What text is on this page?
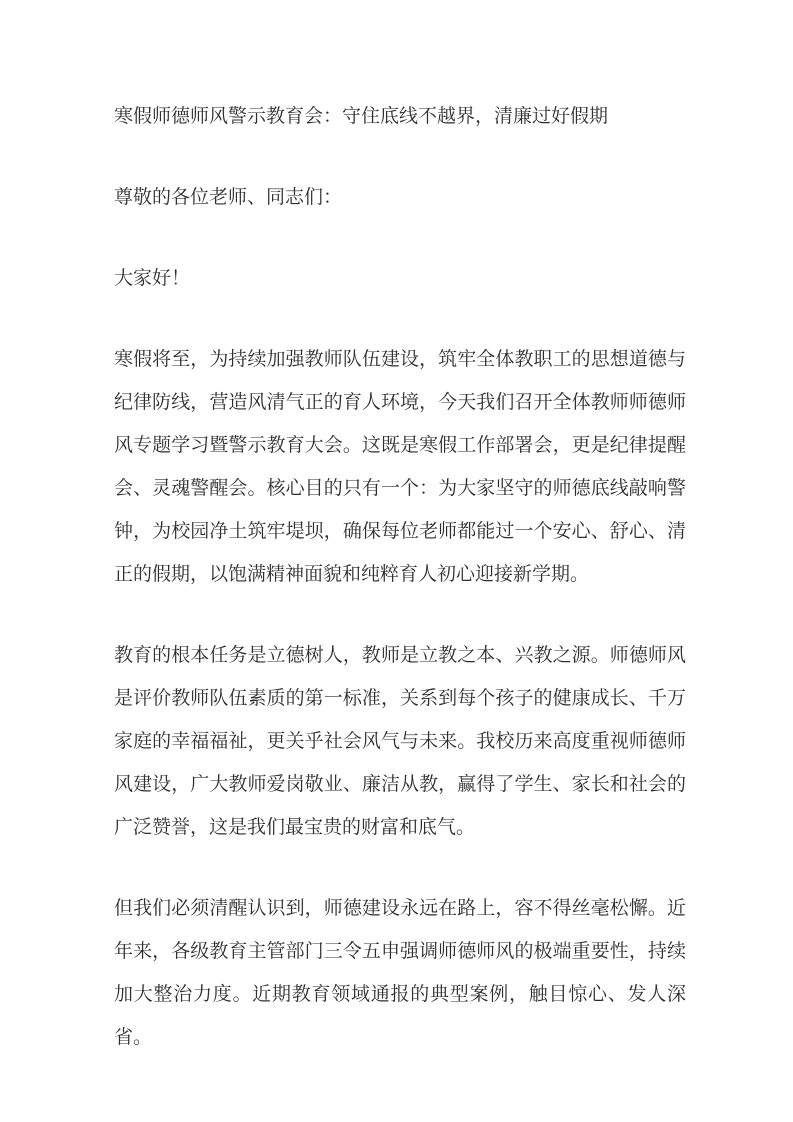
寒假师德师风警示教育会：守住底线不越界，清廉过好假期
尊敬的各位老师、同志们：
大家好！
寒假将至，为持续加强教师队伍建设，筑牢全体教职工的思想道德与
纪律防线，营造风清气正的育人环境，今天我们召开全体教师师德师
风专题学习暨警示教育大会。这既是寒假工作部署会，更是纪律提醒
会、灵魂警醒会。核心目的只有一个：为大家坚守的师德底线敲响警
钟，为校园净土筑牢堤坝，确保每位老师都能过一个安心、舒心、清
正的假期，以饱满精神面貌和纯粹育人初心迎接新学期。
教育的根本任务是立德树人，教师是立教之本、兴教之源。师德师风
是评价教师队伍素质的第一标准，关系到每个孩子的健康成长、千万
家庭的幸福福祉，更关乎社会风气与未来。我校历来高度重视师德师
风建设，广大教师爱岗敬业、廉洁从教，赢得了学生、家长和社会的
广泛赞誉，这是我们最宝贵的财富和底气。
但我们必须清醒认识到，师德建设永远在路上，容不得丝毫松懈。近
年来，各级教育主管部门三令五申强调师德师风的极端重要性，持续
加大整治力度。近期教育领域通报的典型案例，触目惊心、发人深省。
